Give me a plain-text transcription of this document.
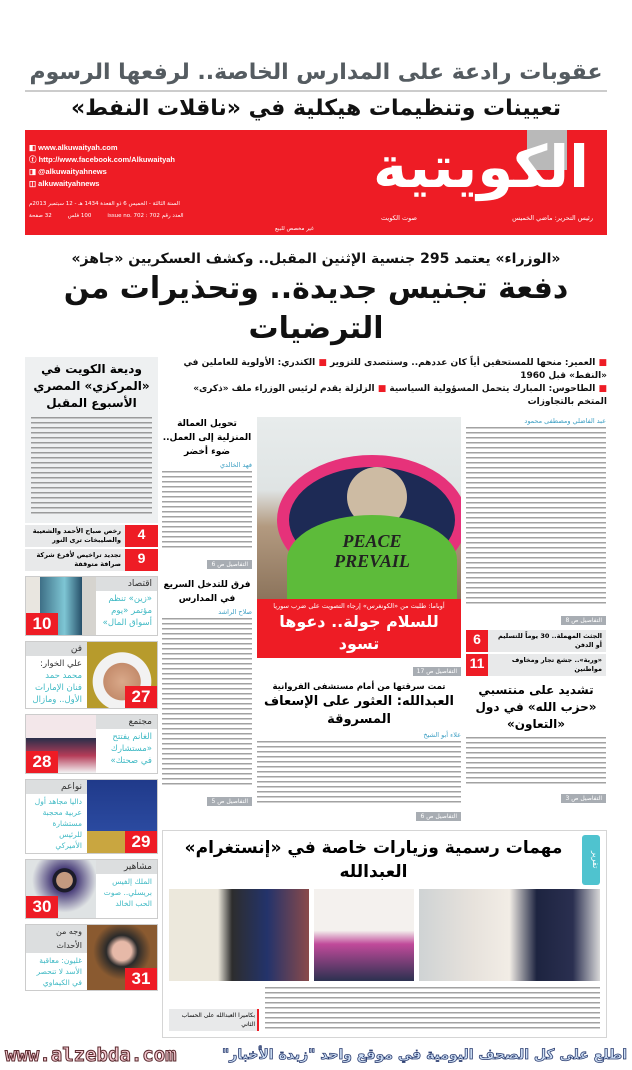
عقوبات رادعة على المدارس الخاصة.. لرفعها الرسوم
تعيينات وتنظيمات هيكلية في «ناقلات النفط»
الكويتية
رئيس التحرير: ماضي الخميس
صوت الكويت
◧ www.alkuwaityah.com
ⓕ http://www.facebook.com/Alkuwaityah
◨ @alkuwaityahnews
◫ alkuwaityahnews
السنة الثالثة - الخميس 6 ذو القعدة 1434 هـ - 12 سبتمبر 2013م
العدد رقم 702 : issue no. 702
100 فلس
32 صفحة
غير مخصص للبيع
«الوزراء» يعتمد 295 جنسية الإثنين المقبل.. وكشف العسكريين «جاهز»
دفعة تجنيس جديدة.. وتحذيرات من الترضيات
وديعة الكويت في «المركزي» المصري الأسبوع المقبل
رخص صباح الأحمد والشعيبة والصليبخات ترى النور	4
تجديد تراخيص لأفرع شركة صرافة متوقفة	9
10
اقتصاد
«زين» تنظم مؤتمر «يوم أسواق المال»
فن
علي الخوار:
محمد حمد فنان الإمارات الأول.. ومازال	27
28
مجتمع
الغانم يفتتح «مستشارك في صحتك»
نواعم
داليا مجاهد أول عربية محجبة مستشارة للرئيس الأميركي	29
30
مشاهير
الملك إلفيس بريسلي.. صوت الحب الخالد
وجه من الأحداث
غليون: معاقبة الأسد لا تنحصر في الكيماوي	31
■ العمير: منحها للمستحقين أياً كان عددهم.. وسنتصدى للتزوير ■ الكندري: الأولوية للعاملين في «النفط» قبل 1960
■ الطاحوس: المبارك يتحمل المسؤولية السياسية ■ الزلزلة يقدم لرئيس الوزراء ملف «ذكرى» المتخم بالتجاوزات
تحويل العمالة المنزلية إلى العمل.. ضوء أخضر
فهد الخالدي
التفاصيل ص 6
فرق للتدخل السريع في المدارس
صلاح الراشد
التفاصيل ص 5
PEACE PREVAIL
أوباما: طلبت من «الكونغرس» إرجاء التصويت على ضرب سوريا
للسلام جولة.. دعوها تسود
التفاصيل ص 17
تمت سرقتها من أمام مستشفى الفروانية
العبدالله: العثور على الإسعاف المسروقة
علاء أبو الشيخ
التفاصيل ص 6
عبد الفاضلي ومصطفى محمود
التفاصيل ص 8
6	الجثث المهملة.. 30 يوماً للتسليم أو الدفن
11	«وربة».. جشع تجار ومخاوف مواطنين
تشديد على منتسبي «حزب الله» في دول «التعاون»
التفاصيل ص 3
مهمات رسمية وزيارات خاصة في «إنستغرام» العبدالله
تقرير
بكاميرا العبدالله على الحساب الثاني
www.alzebda.com	اطلع على كل الصحف اليومية في موقع واحد "زبدة الأخبار"
